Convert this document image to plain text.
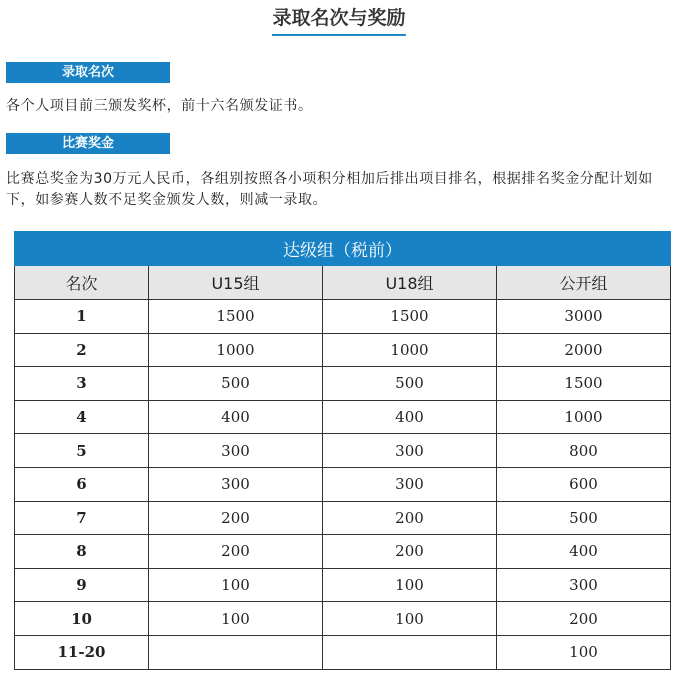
录取名次与奖励
录取名次
各个人项目前三颁发奖杯，前十六名颁发证书。
比赛奖金
比赛总奖金为30万元人民币，各组别按照各小项积分相加后排出项目排名，根据排名奖金分配计划如下，如参赛人数不足奖金颁发人数，则减一录取。
达级组（税前）			
名次	U15组	U18组	公开组
1	1500	1500	3000
2	1000	1000	2000
3	500	500	1500
4	400	400	1000
5	300	300	800
6	300	300	600
7	200	200	500
8	200	200	400
9	100	100	300
10	100	100	200
11-20			100
